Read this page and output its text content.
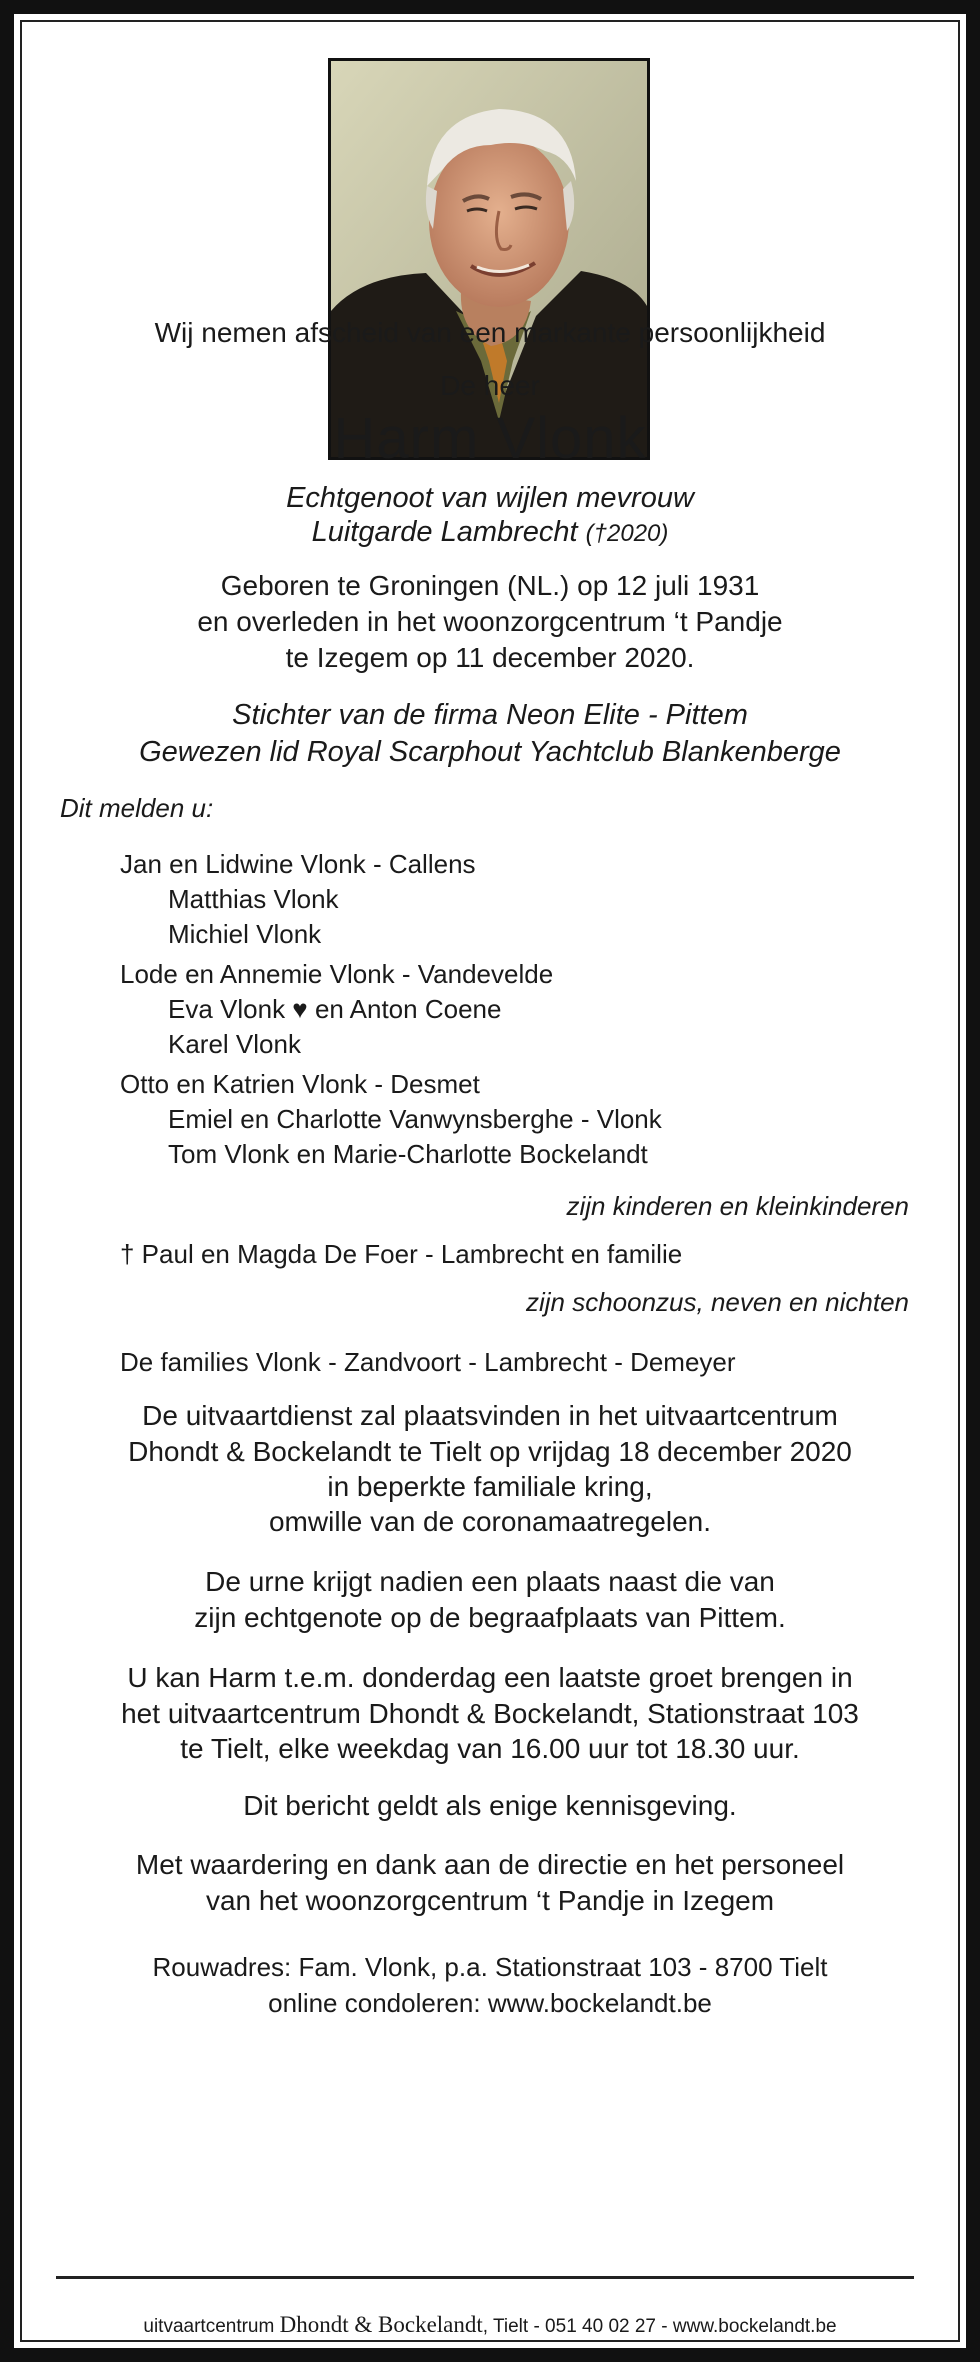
Wij nemen afscheid van een markante persoonlijkheid

De heer

Harm Vlonk

Echtgenoot van wijlen mevrouw

Luitgarde Lambrecht (†2020)

Geboren te Groningen (NL.) op 12 juli 1931

en overleden in het woonzorgcentrum ‘t Pandje

te Izegem op 11 december 2020.

Stichter van de firma Neon Elite - Pittem

Gewezen lid Royal Scarphout Yachtclub Blankenberge

Dit melden u:

Jan en Lidwine Vlonk - Callens

Matthias Vlonk

Michiel Vlonk

Lode en Annemie Vlonk - Vandevelde

Eva Vlonk ♥ en Anton Coene

Karel Vlonk

Otto en Katrien Vlonk - Desmet

Emiel en Charlotte Vanwynsberghe - Vlonk

Tom Vlonk en Marie-Charlotte Bockelandt

zijn kinderen en kleinkinderen

† Paul en Magda De Foer - Lambrecht en familie

zijn schoonzus, neven en nichten

De families Vlonk - Zandvoort - Lambrecht - Demeyer

De uitvaartdienst zal plaatsvinden in het uitvaartcentrum

Dhondt & Bockelandt te Tielt op vrijdag 18 december 2020

in beperkte familiale kring,

omwille van de coronamaatregelen.

De urne krijgt nadien een plaats naast die van

zijn echtgenote op de begraafplaats van Pittem.

U kan Harm t.e.m. donderdag een laatste groet brengen in

het uitvaartcentrum Dhondt & Bockelandt, Stationstraat 103

te Tielt, elke weekdag van 16.00 uur tot 18.30 uur.

Dit bericht geldt als enige kennisgeving.

Met waardering en dank aan de directie en het personeel

van het woonzorgcentrum ‘t Pandje in Izegem

Rouwadres: Fam. Vlonk, p.a. Stationstraat 103 - 8700 Tielt

online condoleren: www.bockelandt.be

uitvaartcentrum Dhondt & Bockelandt, Tielt - 051 40 02 27 - www.bockelandt.be
